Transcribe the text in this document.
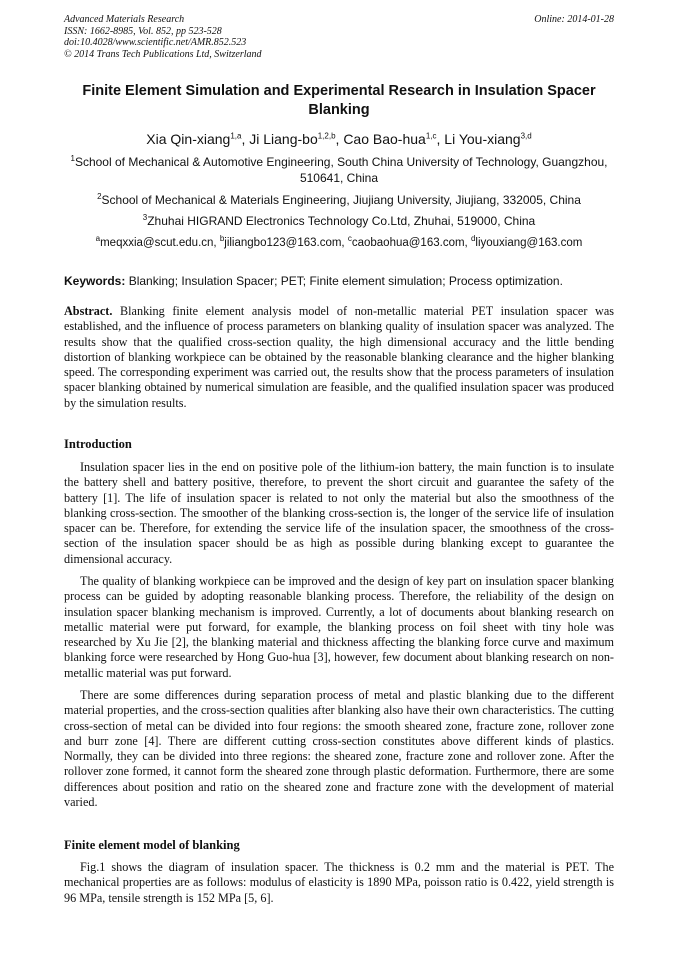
Advanced Materials Research
ISSN: 1662-8985, Vol. 852, pp 523-528
doi:10.4028/www.scientific.net/AMR.852.523
© 2014 Trans Tech Publications Ltd, Switzerland
Online: 2014-01-28
Finite Element Simulation and Experimental Research in Insulation Spacer Blanking
Xia Qin-xiang$^{1,a}$, Ji Liang-bo$^{1,2,b}$, Cao Bao-hua$^{1,c}$, Li You-xiang$^{3,d}$
$^1$School of Mechanical & Automotive Engineering, South China University of Technology, Guangzhou, 510641, China
$^2$School of Mechanical & Materials Engineering, Jiujiang University, Jiujiang, 332005, China
$^3$Zhuhai HIGRAND Electronics Technology Co.Ltd, Zhuhai, 519000, China
$^a$meqxxia@scut.edu.cn, $^b$jiliangbo123@163.com, $^c$caobaohua@163.com, $^d$liyouxiang@163.com
Keywords: Blanking; Insulation Spacer; PET; Finite element simulation; Process optimization.
Abstract. Blanking finite element analysis model of non-metallic material PET insulation spacer was established, and the influence of process parameters on blanking quality of insulation spacer was analyzed. The results show that the qualified cross-section quality, the high dimensional accuracy and the little bending distortion of blanking workpiece can be obtained by the reasonable blanking clearance and the higher blanking speed. The corresponding experiment was carried out, the results show that the process parameters of insulation spacer blanking obtained by numerical simulation are feasible, and the qualified insulation spacer was produced by the simulation results.
Introduction
Insulation spacer lies in the end on positive pole of the lithium-ion battery, the main function is to insulate the battery shell and battery positive, therefore, to prevent the short circuit and guarantee the safety of the battery [1]. The life of insulation spacer is related to not only the material but also the smoothness of the blanking cross-section. The smoother of the blanking cross-section is, the longer of the service life of insulation spacer can be. Therefore, for extending the service life of the insulation spacer, the smoothness of the cross-section of the insulation spacer should be as high as possible during blanking except to guarantee the dimensional accuracy.
The quality of blanking workpiece can be improved and the design of key part on insulation spacer blanking process can be guided by adopting reasonable blanking process. Therefore, the reliability of the design on insulation spacer blanking mechanism is improved. Currently, a lot of documents about blanking research on metallic material were put forward, for example, the blanking process on foil sheet with tiny hole was researched by Xu Jie [2], the blanking material and thickness affecting the blanking force curve and maximum blanking force were researched by Hong Guo-hua [3], however, few document about blanking research on non-metallic material was put forward.
There are some differences during separation process of metal and plastic blanking due to the different material properties, and the cross-section qualities after blanking also have their own characteristics. The cutting cross-section of metal can be divided into four regions: the smooth sheared zone, fracture zone, rollover zone and burr zone [4]. There are different cutting cross-section constitutes above different kinds of plastics. Normally, they can be divided into three regions: the sheared zone, fracture zone and rollover zone. After the rollover zone formed, it cannot form the sheared zone through plastic deformation. Furthermore, there are some differences about position and ratio on the sheared zone and fracture zone with the development of material varied.
Finite element model of blanking
Fig.1 shows the diagram of insulation spacer. The thickness is 0.2 mm and the material is PET. The mechanical properties are as follows: modulus of elasticity is 1890 MPa, poisson ratio is 0.422, yield strength is 96 MPa, tensile strength is 152 MPa [5, 6].
